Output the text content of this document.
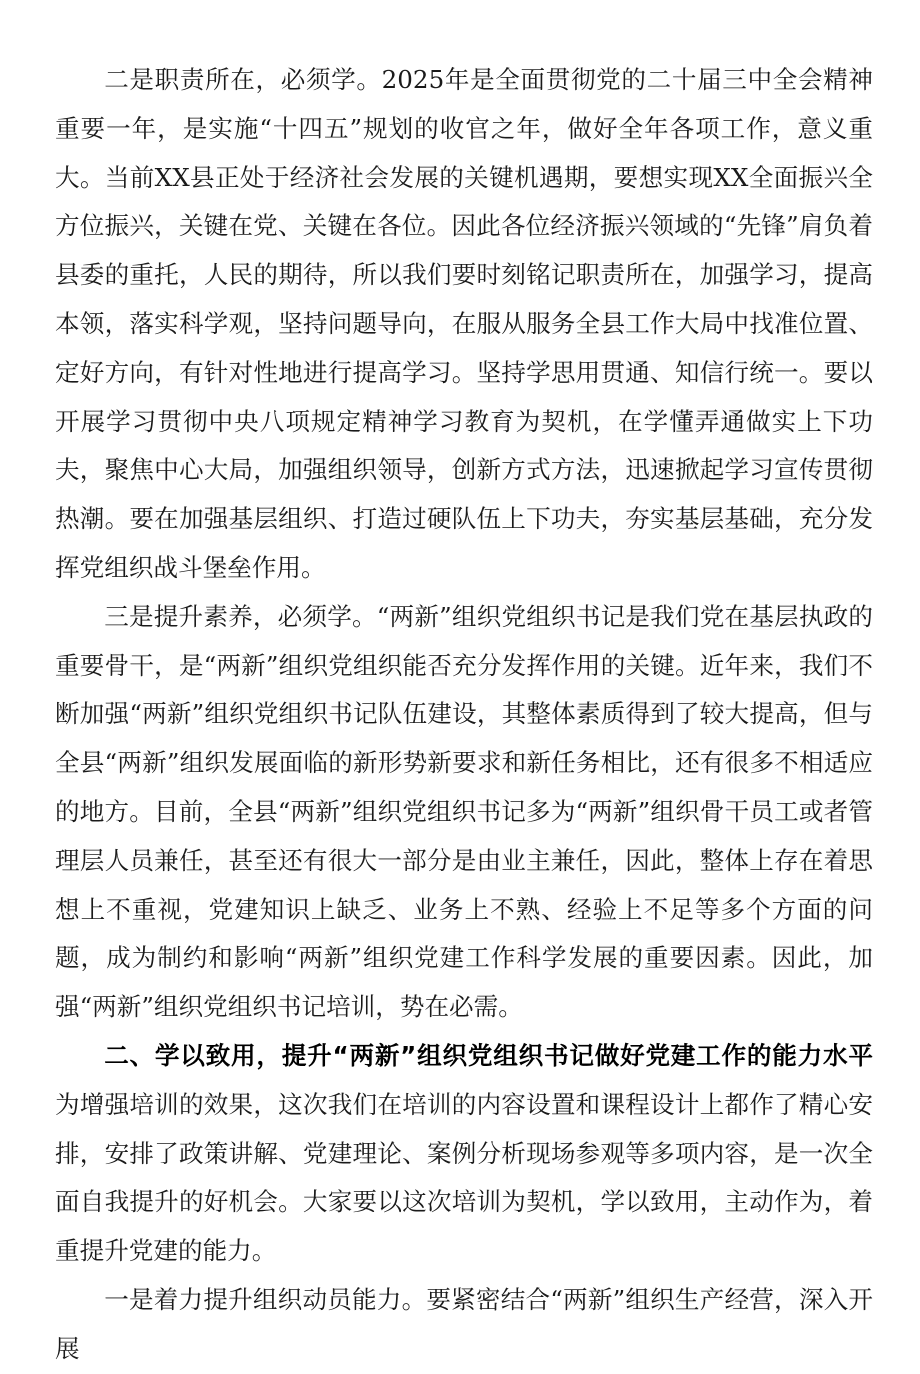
二是职责所在，必须学。2025年是全面贯彻党的二十届三中全会精神重要一年，是实施“十四五”规划的收官之年，做好全年各项工作，意义重大。当前XX县正处于经济社会发展的关键机遇期，要想实现XX全面振兴全方位振兴，关键在党、关键在各位。因此各位经济振兴领域的“先锋”肩负着县委的重托，人民的期待，所以我们要时刻铭记职责所在，加强学习，提高本领，落实科学观，坚持问题导向，在服从服务全县工作大局中找准位置、定好方向，有针对性地进行提高学习。坚持学思用贯通、知信行统一。要以开展学习贯彻中央八项规定精神学习教育为契机，在学懂弄通做实上下功夫，聚焦中心大局，加强组织领导，创新方式方法，迅速掀起学习宣传贯彻热潮。要在加强基层组织、打造过硬队伍上下功夫，夯实基层基础，充分发挥党组织战斗堡垒作用。

三是提升素养，必须学。“两新”组织党组织书记是我们党在基层执政的重要骨干，是“两新”组织党组织能否充分发挥作用的关键。近年来，我们不断加强“两新”组织党组织书记队伍建设，其整体素质得到了较大提高，但与全县“两新”组织发展面临的新形势新要求和新任务相比，还有很多不相适应的地方。目前，全县“两新”组织党组织书记多为“两新”组织骨干员工或者管理层人员兼任，甚至还有很大一部分是由业主兼任，因此，整体上存在着思想上不重视，党建知识上缺乏、业务上不熟、经验上不足等多个方面的问题，成为制约和影响“两新”组织党建工作科学发展的重要因素。因此，加强“两新”组织党组织书记培训，势在必需。

二、学以致用，提升“两新”组织党组织书记做好党建工作的能力水平为增强培训的效果，这次我们在培训的内容设置和课程设计上都作了精心安排，安排了政策讲解、党建理论、案例分析现场参观等多项内容，是一次全面自我提升的好机会。大家要以这次培训为契机，学以致用，主动作为，着重提升党建的能力。

一是着力提升组织动员能力。要紧密结合“两新”组织生产经营，深入开展
